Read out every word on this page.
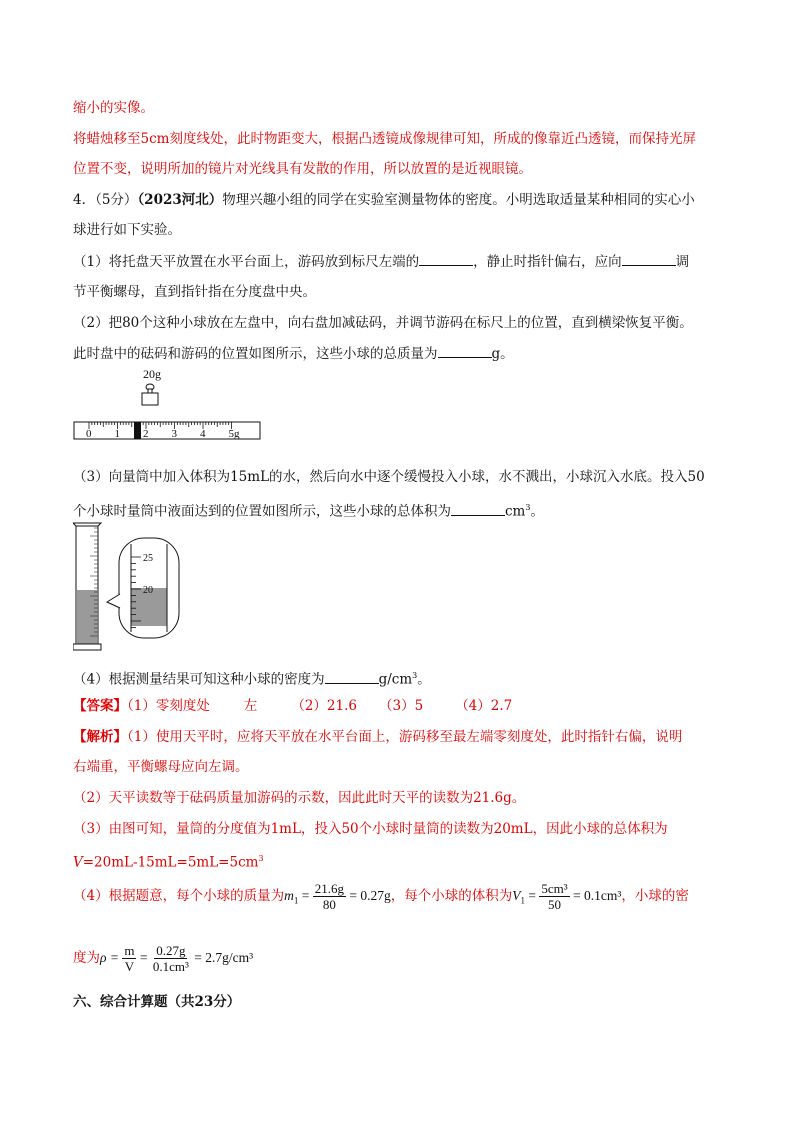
缩小的实像。
将蜡烛移至5cm刻度线处，此时物距变大，根据凸透镜成像规律可知，所成的像靠近凸透镜，而保持光屏
位置不变，说明所加的镜片对光线具有发散的作用，所以放置的是近视眼镜。
4．（5分）（2023河北）物理兴趣小组的同学在实验室测量物体的密度。小明选取适量某种相同的实心小
球进行如下实验。
（1）将托盘天平放置在水平台面上，游码放到标尺左端的	，静止时指针偏右，应向	调
节平衡螺母，直到指针指在分度盘中央。
（2）把80个这种小球放在左盘中，向右盘加减砝码，并调节游码在标尺上的位置，直到横梁恢复平衡。
此时盘中的砝码和游码的位置如图所示，这些小球的总质量为	g。
20g
0 1 2 3 4 5g
（3）向量筒中加入体积为15mL的水，然后向水中逐个缓慢投入小球，水不溅出，小球沉入水底。投入50
个小球时量筒中液面达到的位置如图所示，这些小球的总体积为	$cm^3$。
25
20
（4）根据测量结果可知这种小球的密度为	$g/cm^3$。
【答案】（1）零刻度处	左	（2）21.6 （3）5 （4）2.7
【解析】（1）使用天平时，应将天平放在水平台面上，游码移至最左端零刻度处，此时指针右偏，说明
右端重，平衡螺母应向左调。
（2）天平读数等于砝码质量加游码的示数，因此此时天平的读数为21.6g。
（3）由图可知，量筒的分度值为1mL，投入50个小球时量筒的读数为20mL，因此小球的总体积为
$V=20mL-15mL=5mL=5cm^3$
（4）根据题意，每个小球的质量为$m_1 = \frac{21.6g}{80} = 0.27g$，每个小球的体积为$V_1 = \frac{\text{5cm³}}{50} = 0.1cm^3$，小球的密
度为$\rho = \frac{m}{V} = \frac{0.27g}{\text{0.1cm³}} = 2.7g/cm^3$
六、综合计算题（共23分）
